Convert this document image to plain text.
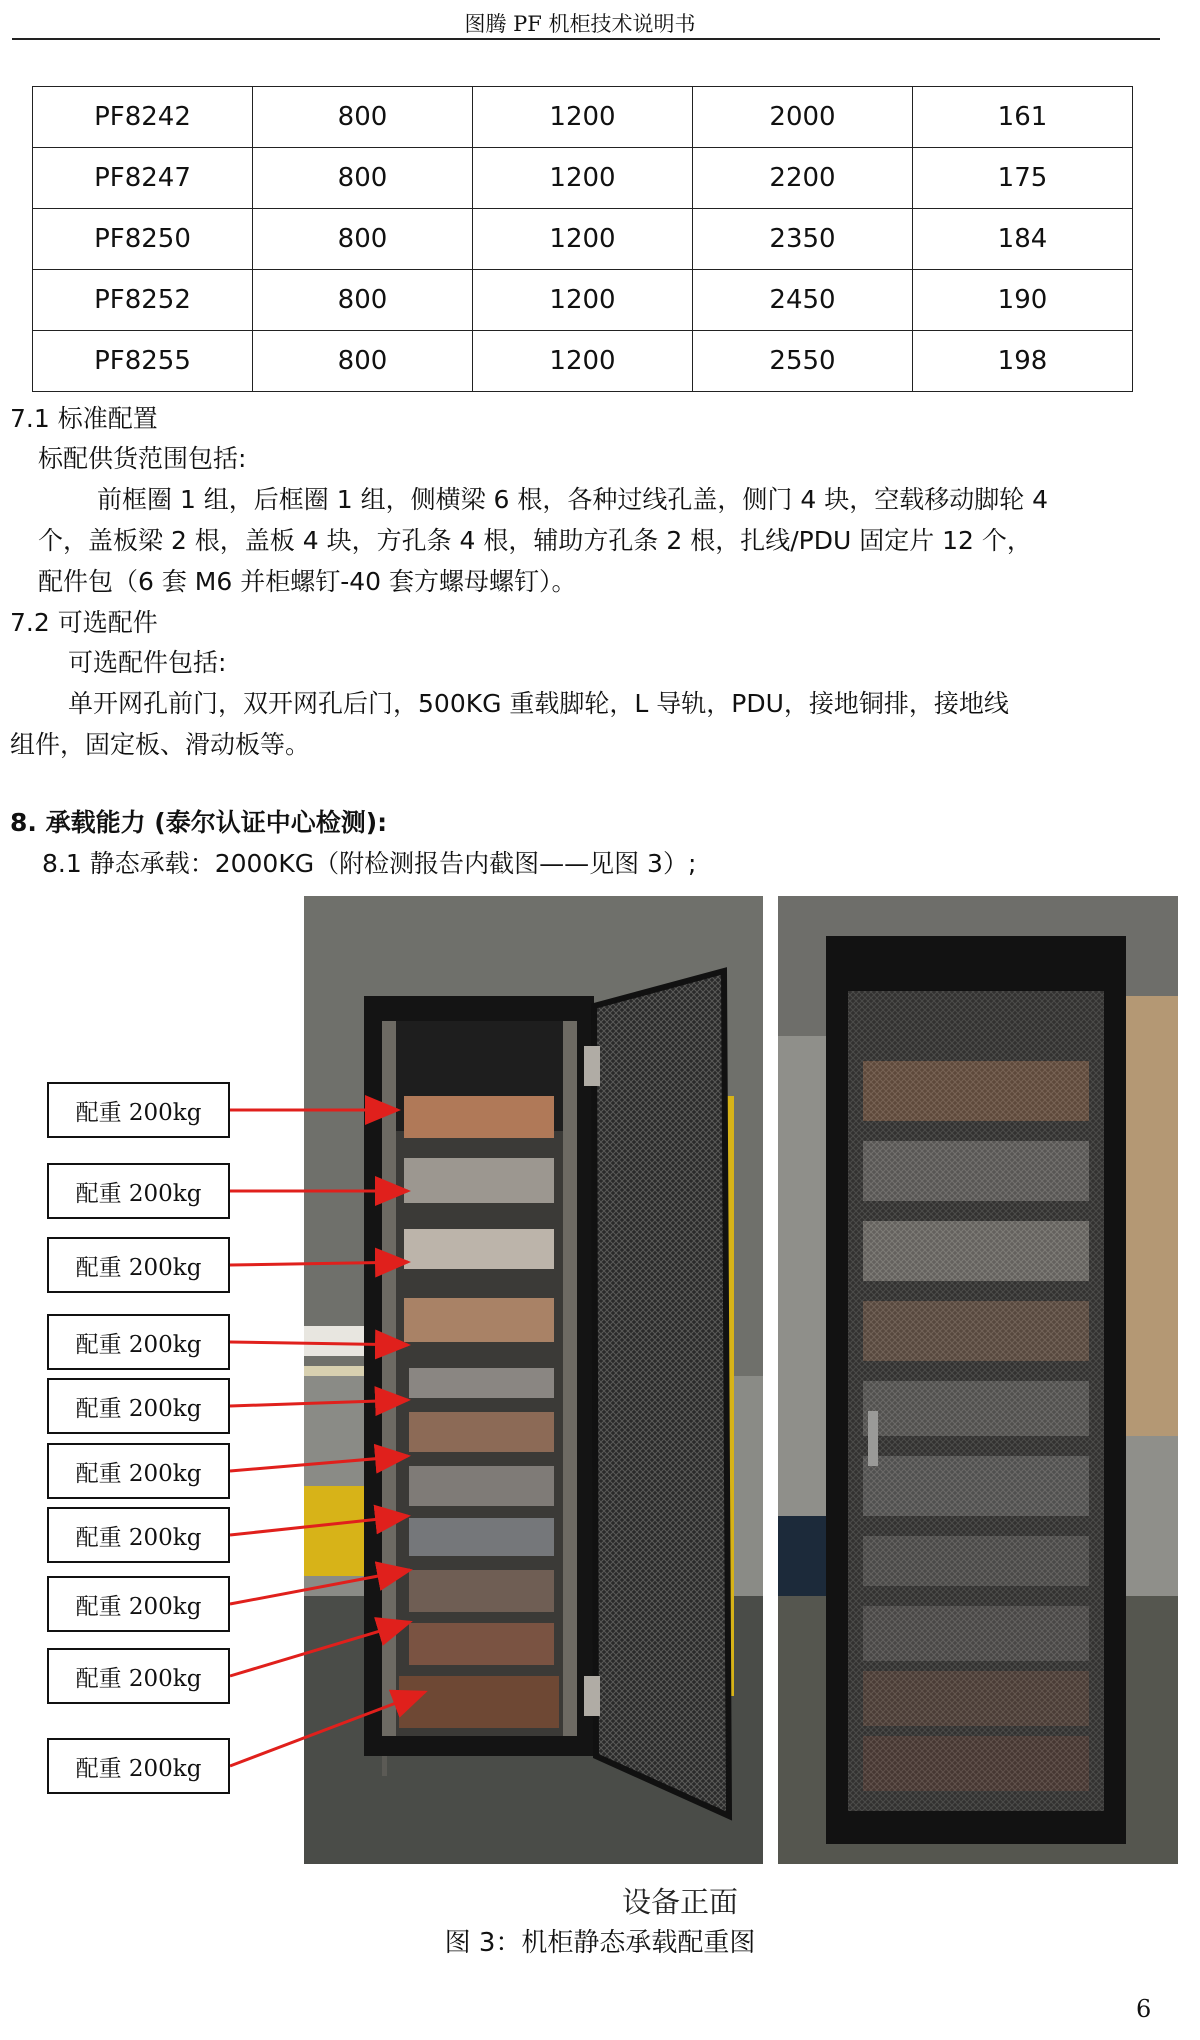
图腾 PF 机柜技术说明书
PF8242	800	1200	2000	161
PF8247	800	1200	2200	175
PF8250	800	1200	2350	184
PF8252	800	1200	2450	190
PF8255	800	1200	2550	198
7.1 标准配置
标配供货范围包括:
前框圈 1 组，后框圈 1 组，侧横梁 6 根，各种过线孔盖，侧门 4 块，空载移动脚轮 4
个，盖板梁 2 根，盖板 4 块，方孔条 4 根，辅助方孔条 2 根，扎线/PDU 固定片 12 个，
配件包（6 套 M6 并柜螺钉-40 套方螺母螺钉）。
7.2 可选配件
可选配件包括:
单开网孔前门，双开网孔后门，500KG 重载脚轮，L 导轨，PDU，接地铜排，接地线
组件，固定板、滑动板等。
8. 承载能力 (泰尔认证中心检测):
8.1 静态承载：2000KG（附检测报告内截图——见图 3）;
配重 200kg
配重 200kg
配重 200kg
配重 200kg
配重 200kg
配重 200kg
配重 200kg
配重 200kg
配重 200kg
配重 200kg
设备正面
图 3：机柜静态承载配重图
6
